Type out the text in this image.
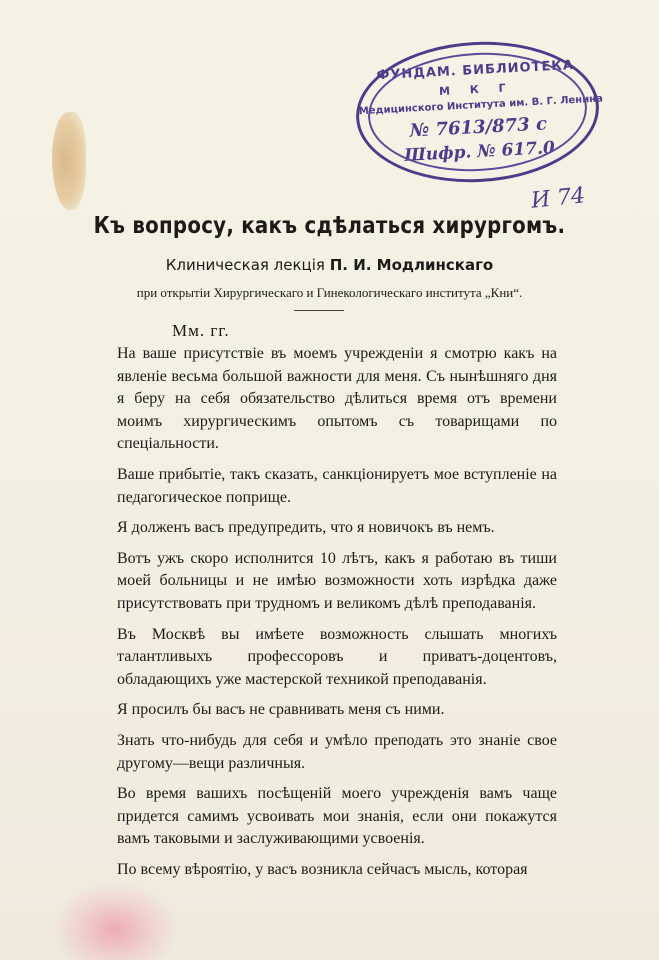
ФУНДАМ. БИБЛИОТЕКА
М К Г
Медицинского Института им. В. Г. Ленина
№ 7613/873 с
Шифр. № 617.0
И 74
Къ вопросу, какъ сдѣлаться хирургомъ.
Клиническая лекція П. И. Модлинскаго
при открытіи Хирургическаго и Гинекологическаго института „Кни“.
Мм. гг.

На ваше присутствіе въ моемъ учрежденіи я смотрю какъ на явленіе весьма большой важности для меня. Съ нынѣшняго дня я беру на себя обязательство дѣлиться время отъ времени моимъ хирургическимъ опытомъ съ товарищами по спеціальности.

Ваше прибытіе, такъ сказать, санкціонируетъ мое вступленіе на педагогическое поприще.

Я долженъ васъ предупредить, что я новичокъ въ немъ.

Вотъ ужъ скоро исполнится 10 лѣтъ, какъ я работаю въ тиши моей больницы и не имѣю возможности хоть изрѣдка даже присутствовать при трудномъ и великомъ дѣлѣ преподаванія.

Въ Москвѣ вы имѣете возможность слышать многихъ талантливыхъ профессоровъ и приватъ-доцентовъ, обладающихъ уже мастерской техникой преподаванія.

Я просилъ бы васъ не сравнивать меня съ ними.

Знать что-нибудь для себя и умѣло преподать это знаніе свое другому—вещи различныя.

Во время вашихъ посѣщеній моего учрежденія вамъ чаще придется самимъ усвоивать мои знанія, если они покажутся вамъ таковыми и заслуживающими усвоенія.

По всему вѣроятію, у васъ возникла сейчасъ мысль, которая
